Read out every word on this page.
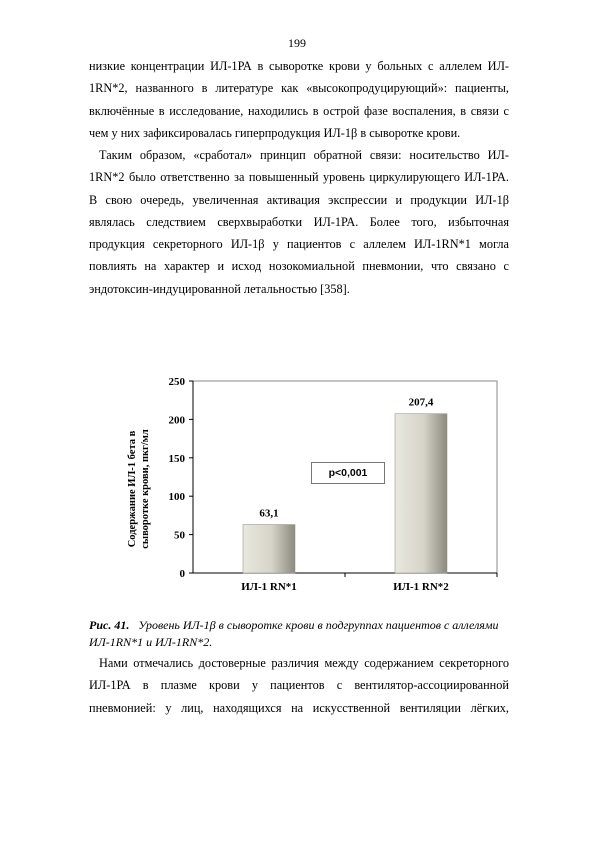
199
низкие концентрации ИЛ-1РА в сыворотке крови у больных с аллелем ИЛ-
1RN*2, названного в литературе как «высокопродуцирующий»: пациенты,
включённые в исследование, находились в острой фазе воспаления, в связи с
чем у них зафиксировалась гиперпродукция ИЛ-1β в сыворотке крови.
Таким образом, «сработал» принцип обратной связи: носительство ИЛ-
1RN*2 было ответственно за повышенный уровень циркулирующего ИЛ-1РА.
В свою очередь, увеличенная активация экспрессии и продукции ИЛ-1β
являлась следствием сверхвыработки ИЛ-1РА. Более того, избыточная
продукция секреторного ИЛ-1β у пациентов с аллелем ИЛ-1RN*1 могла
повлиять на характер и исход нозокомиальной пневмонии, что связано с
эндотоксин-индуцированной летальностью [358].
0
50
100
150
200
250
63,1
ИЛ-1 RN*1
207,4
ИЛ-1 RN*2
Содержание ИЛ-1 бета в сыворотке крови, пкг/мл	p<0,001
Рис. 41. Уровень ИЛ-1β в сыворотке крови в подгруппах пациентов с аллелями ИЛ-1RN*1 и ИЛ-1RN*2.
Нами отмечались достоверные различия между содержанием секреторного
ИЛ-1РА в плазме крови у пациентов с вентилятор-ассоциированной
пневмонией: у лиц, находящихся на искусственной вентиляции лёгких,
